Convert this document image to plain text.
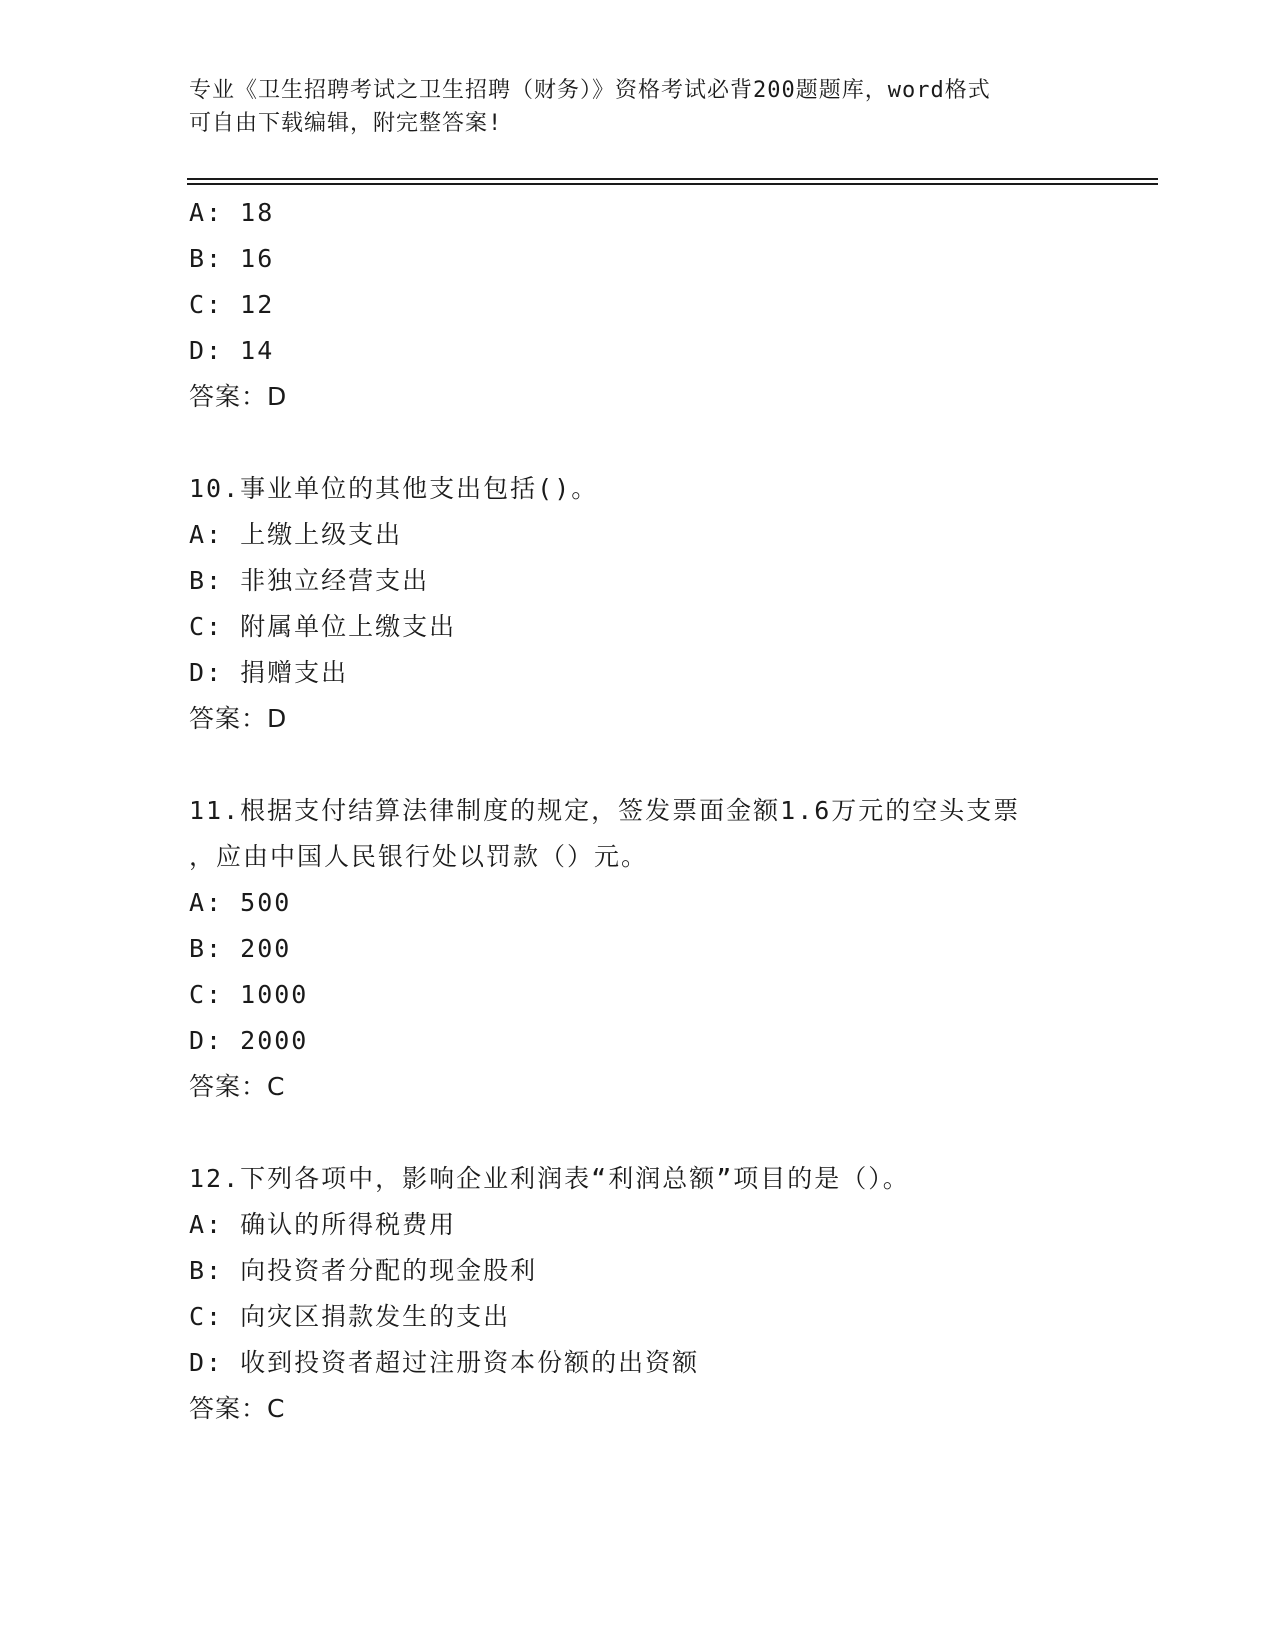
专业《卫生招聘考试之卫生招聘（财务）》资格考试必背200题题库，word格式
可自由下载编辑，附完整答案!
A: 18
B: 16
C: 12
D: 14
答案：D
10.事业单位的其他支出包括()。
A: 上缴上级支出
B: 非独立经营支出
C: 附属单位上缴支出
D: 捐赠支出
答案：D
11.根据支付结算法律制度的规定，签发票面金额1.6万元的空头支票
，应由中国人民银行处以罚款（）元。
A: 500
B: 200
C: 1000
D: 2000
答案：C
12.下列各项中，影响企业利润表“利润总额”项目的是（）。
A: 确认的所得税费用
B: 向投资者分配的现金股利
C: 向灾区捐款发生的支出
D: 收到投资者超过注册资本份额的出资额
答案：C
